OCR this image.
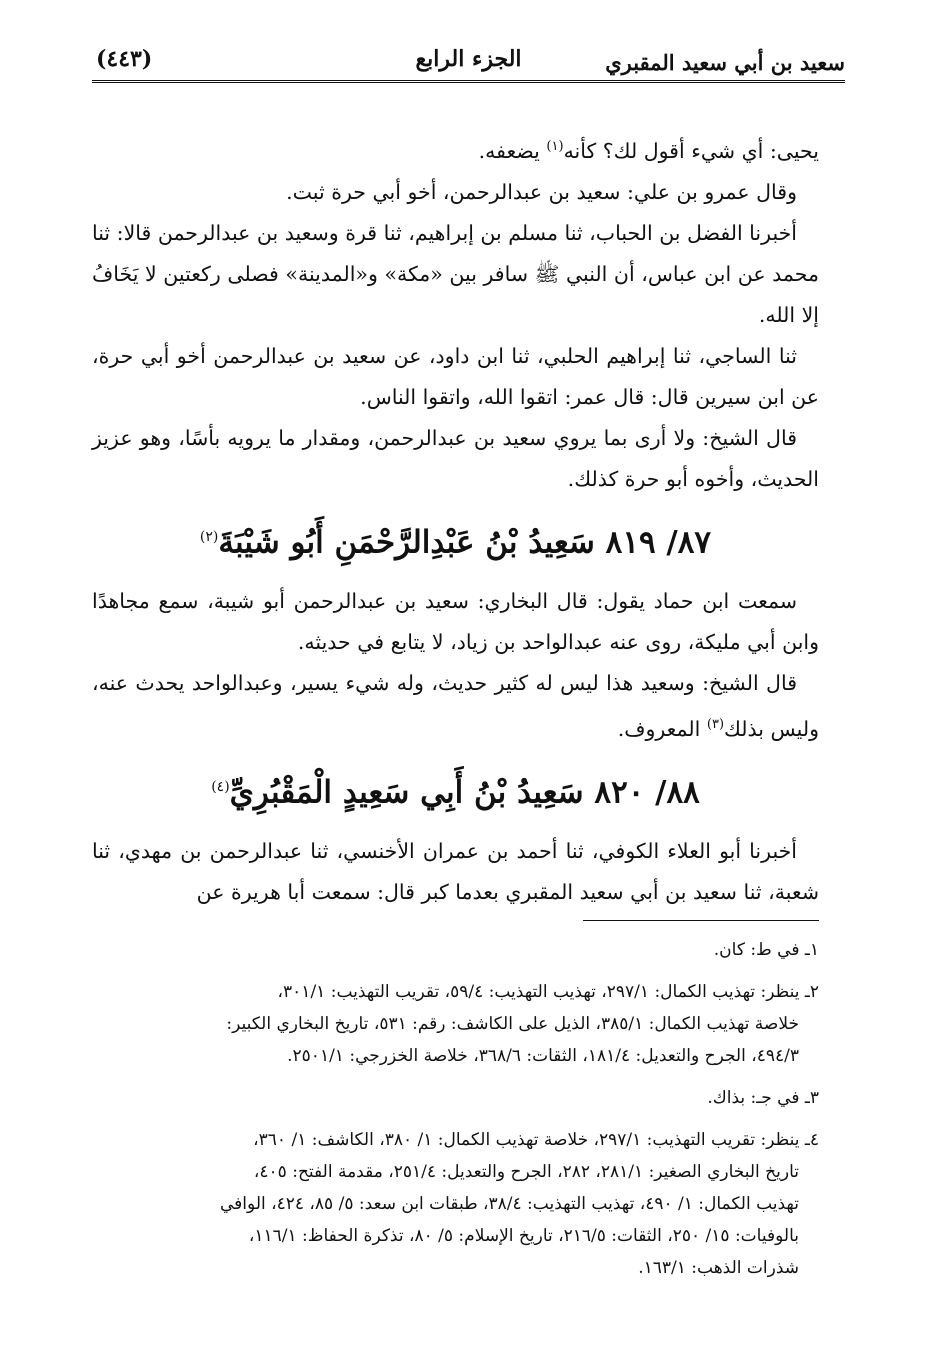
سعيد بن أبي سعيد المقبري
الجزء الرابع
(٤٤٣)

يحيى: أي شيء أقول لك؟ كأنه$^{(١)}$ يضعفه.

وقال عمرو بن علي: سعيد بن عبدالرحمن، أخو أبي حرة ثبت.

أخبرنا الفضل بن الحباب، ثنا مسلم بن إبراهيم، ثنا قرة وسعيد بن عبدالرحمن قالا: ثنا محمد عن ابن عباس، أن النبي ﷺ سافر بين «مكة» و«المدينة» فصلى ركعتين لا يَخَافُ إلا الله.

ثنا الساجي، ثنا إبراهيم الحلبي، ثنا ابن داود، عن سعيد بن عبدالرحمن أخو أبي حرة، عن ابن سيرين قال: قال عمر: اتقوا الله، واتقوا الناس.

قال الشيخ: ولا أرى بما يروي سعيد بن عبدالرحمن، ومقدار ما يرويه بأسًا، وهو عزيز الحديث، وأخوه أبو حرة كذلك.

٨٧/ ٨١٩ سَعِيدُ بْنُ عَبْدِالرَّحْمَنِ أَبُو شَيْبَةَ$^{(٢)}$

سمعت ابن حماد يقول: قال البخاري: سعيد بن عبدالرحمن أبو شيبة، سمع مجاهدًا وابن أبي مليكة، روى عنه عبدالواحد بن زياد، لا يتابع في حديثه.

قال الشيخ: وسعيد هذا ليس له كثير حديث، وله شيء يسير، وعبدالواحد يحدث عنه، وليس بذلك$^{(٣)}$ المعروف.

٨٨/ ٨٢٠ سَعِيدُ بْنُ أَبِي سَعِيدٍ الْمَقْبُرِيِّ$^{(٤)}$

أخبرنا أبو العلاء الكوفي، ثنا أحمد بن عمران الأخنسي، ثنا عبدالرحمن بن مهدي، ثنا شعبة، ثنا سعيد بن أبي سعيد المقبري بعدما كبر قال: سمعت أبا هريرة عن

١ـ في ط: كان.
٢ـ ينظر: تهذيب الكمال: ٢٩٧/١، تهذيب التهذيب: ٥٩/٤، تقريب التهذيب: ٣٠١/١،
خلاصة تهذيب الكمال: ٣٨٥/١، الذيل على الكاشف: رقم: ٥٣١، تاريخ البخاري الكبير:
٤٩٤/٣، الجرح والتعديل: ١٨١/٤، الثقات: ٣٦٨/٦، خلاصة الخزرجي: ٢٥٠١/١.
٣ـ في جـ: بذاك.
٤ـ ينظر: تقريب التهذيب: ٢٩٧/١، خلاصة تهذيب الكمال: ١/ ٣٨٠، الكاشف: ١/ ٣٦٠،
تاريخ البخاري الصغير: ٢٨١/١، ٢٨٢، الجرح والتعديل: ٢٥١/٤، مقدمة الفتح: ٤٠٥،
تهذيب الكمال: ١/ ٤٩٠، تهذيب التهذيب: ٣٨/٤، طبقات ابن سعد: ٥/ ٨٥، ٤٢٤، الوافي
بالوفيات: ١٥/ ٢٥٠، الثقات: ٢١٦/٥، تاريخ الإسلام: ٥/ ٨٠، تذكرة الحفاظ: ١١٦/١،
شذرات الذهب: ١٦٣/١.
